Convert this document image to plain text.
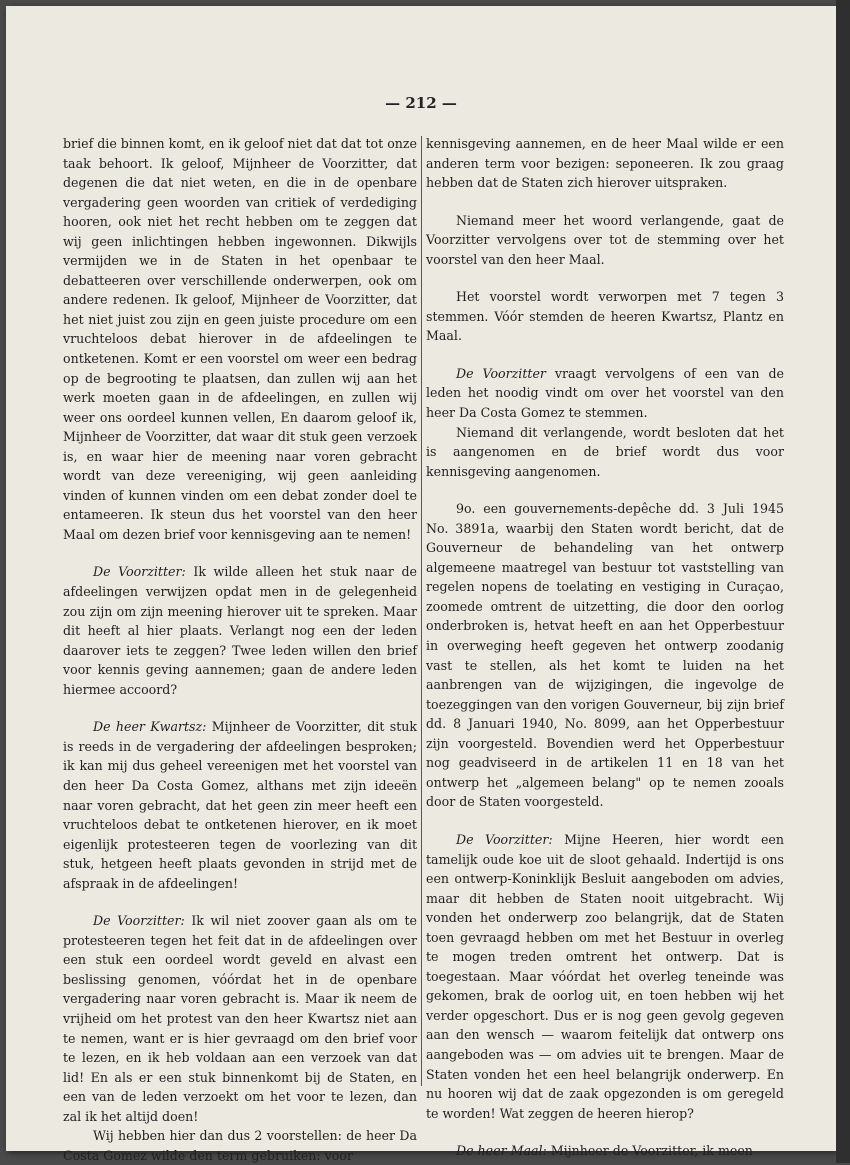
— 212 —

brief die binnen komt, en ik geloof niet dat dat tot onze taak behoort. Ik geloof, Mijnheer de Voorzitter, dat degenen die dat niet weten, en die in de openbare vergadering geen woorden van critiek of verdediging hooren, ook niet het recht hebben om te zeggen dat wij geen inlichtingen hebben ingewonnen. Dikwijls vermijden we in de Staten in het openbaar te debatteeren over verschillende onderwerpen, ook om andere redenen. Ik geloof, Mijnheer de Voorzitter, dat het niet juist zou zijn en geen juiste procedure om een vruchteloos debat hierover in de afdeelingen te ontketenen. Komt er een voorstel om weer een bedrag op de begrooting te plaatsen, dan zullen wij aan het werk moeten gaan in de afdeelingen, en zullen wij weer ons oordeel kunnen vellen, En daarom geloof ik, Mijnheer de Voorzitter, dat waar dit stuk geen verzoek is, en waar hier de meening naar voren gebracht wordt van deze vereeniging, wij geen aanleiding vinden of kunnen vinden om een debat zonder doel te entameeren. Ik steun dus het voorstel van den heer Maal om dezen brief voor kennisgeving aan te nemen!

De Voorzitter: Ik wilde alleen het stuk naar de afdeelingen verwijzen opdat men in de gelegenheid zou zijn om zijn meening hierover uit te spreken. Maar dit heeft al hier plaats. Verlangt nog een der leden daarover iets te zeggen? Twee leden willen den brief voor kennis geving aannemen; gaan de andere leden hiermee accoord?

De heer Kwartsz: Mijnheer de Voorzitter, dit stuk is reeds in de vergadering der afdeelingen besproken; ik kan mij dus geheel vereenigen met het voorstel van den heer Da Costa Gomez, althans met zijn ideeën naar voren gebracht, dat het geen zin meer heeft een vruchteloos debat te ontketenen hierover, en ik moet eigenlijk protesteeren tegen de voorlezing van dit stuk, hetgeen heeft plaats gevonden in strijd met de afspraak in de afdeelingen!

De Voorzitter: Ik wil niet zoover gaan als om te protesteeren tegen het feit dat in de afdeelingen over een stuk een oordeel wordt geveld en alvast een beslissing genomen, vóórdat het in de openbare vergadering naar voren gebracht is. Maar ik neem de vrijheid om het protest van den heer Kwartsz niet aan te nemen, want er is hier gevraagd om den brief voor te lezen, en ik heb voldaan aan een verzoek van dat lid! En als er een stuk binnenkomt bij de Staten, en een van de leden verzoekt om het voor te lezen, dan zal ik het altijd doen!

Wij hebben hier dan dus 2 voorstellen: de heer Da Costa Gomez wilde den term gebruiken: voor

kennisgeving aannemen, en de heer Maal wilde er een anderen term voor bezigen: seponeeren. Ik zou graag hebben dat de Staten zich hierover uitspraken.

Niemand meer het woord verlangende, gaat de Voorzitter vervolgens over tot de stemming over het voorstel van den heer Maal.

Het voorstel wordt verworpen met 7 tegen 3 stemmen. Vóór stemden de heeren Kwartsz, Plantz en Maal.

De Voorzitter vraagt vervolgens of een van de leden het noodig vindt om over het voorstel van den heer Da Costa Gomez te stemmen.

Niemand dit verlangende, wordt besloten dat het is aangenomen en de brief wordt dus voor kennisgeving aangenomen.

9o. een gouvernements-depêche dd. 3 Juli 1945 No. 3891a, waarbij den Staten wordt bericht, dat de Gouverneur de behandeling van het ontwerp algemeene maatregel van bestuur tot vaststelling van regelen nopens de toelating en vestiging in Curaçao, zoomede omtrent de uitzetting, die door den oorlog onderbroken is, hetvat heeft en aan het Opperbestuur in overweging heeft gegeven het ontwerp zoodanig vast te stellen, als het komt te luiden na het aanbrengen van de wijzigingen, die ingevolge de toezeggingen van den vorigen Gouverneur, bij zijn brief dd. 8 Januari 1940, No. 8099, aan het Opperbestuur zijn voorgesteld. Bovendien werd het Opperbestuur nog geadviseerd in de artikelen 11 en 18 van het ontwerp het „algemeen belang" op te nemen zooals door de Staten voorgesteld.

De Voorzitter: Mijne Heeren, hier wordt een tamelijk oude koe uit de sloot gehaald. Indertijd is ons een ontwerp-Koninklijk Besluit aangeboden om advies, maar dit hebben de Staten nooit uitgebracht. Wij vonden het onderwerp zoo belangrijk, dat de Staten toen gevraagd hebben om met het Bestuur in overleg te mogen treden omtrent het ontwerp. Dat is toegestaan. Maar vóórdat het overleg teneinde was gekomen, brak de oorlog uit, en toen hebben wij het verder opgeschort. Dus er is nog geen gevolg gegeven aan den wensch — waarom feitelijk dat ontwerp ons aangeboden was — om advies uit te brengen. Maar de Staten vonden het een heel belangrijk onderwerp. En nu hooren wij dat de zaak opgezonden is om geregeld te worden! Wat zeggen de heeren hierop?

De heer Maal: Mijnheer de Voorzitter, ik meen
